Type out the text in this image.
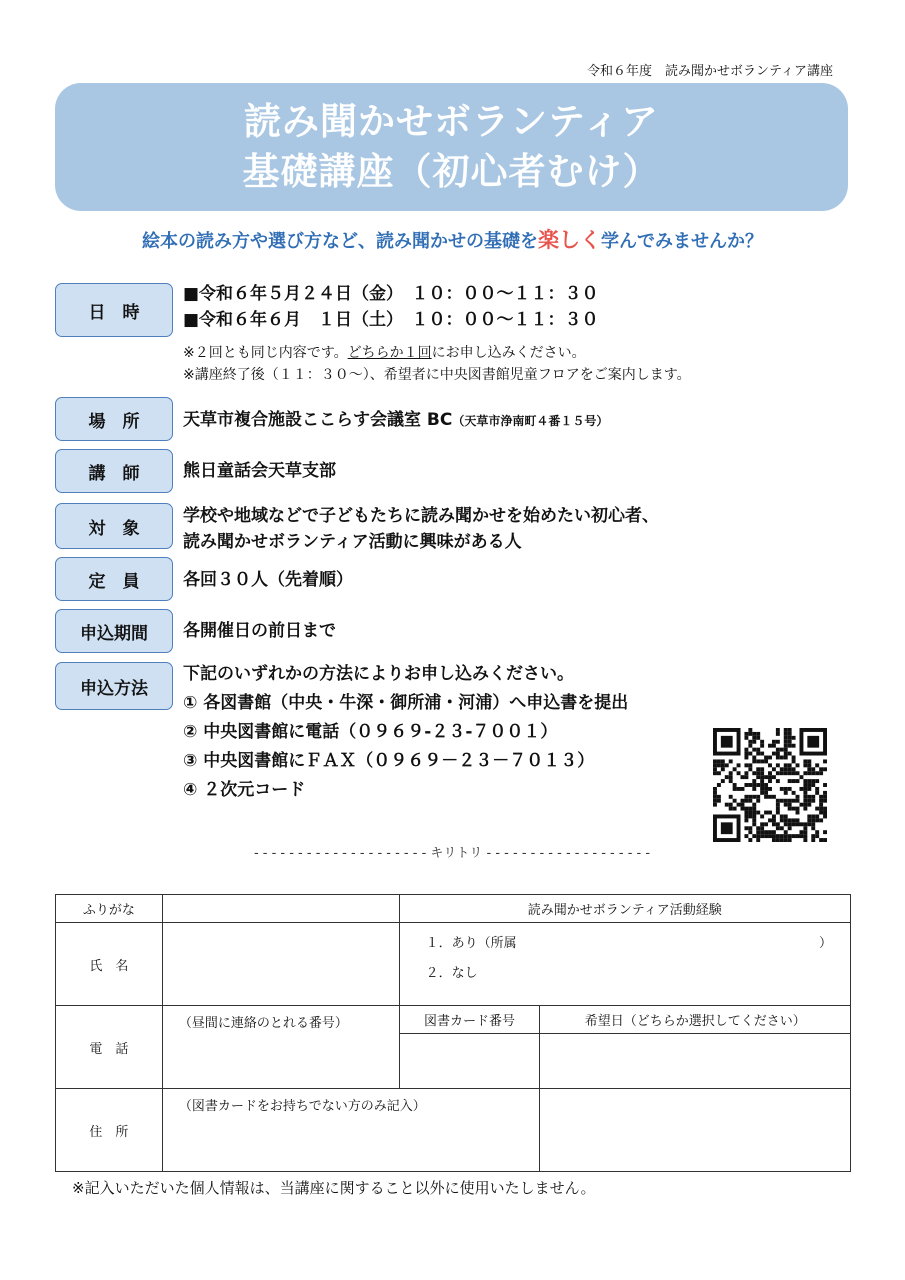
令和６年度　読み聞かせボランティア講座
読み聞かせボランティア
基礎講座（初心者むけ）
絵本の読み方や選び方など、読み聞かせの基礎を楽しく学んでみませんか？
日　時
■令和６年５月２４日（金）　１０：００～１１：３０
■令和６年６月　１日（土）　１０：００～１１：３０
※２回とも同じ内容です。どちらか１回にお申し込みください。
※講座終了後（１１：３０～）、希望者に中央図書館児童フロアをご案内します。
場　所	天草市複合施設ここらす会議室 BC（天草市浄南町４番１５号）
講　師	熊日童話会天草支部
対　象
学校や地域などで子どもたちに読み聞かせを始めたい初心者、
読み聞かせボランティア活動に興味がある人
定　員	各回３０人（先着順）
申込期間	各開催日の前日まで
申込方法
下記のいずれかの方法によりお申し込みください。
① 各図書館（中央・牛深・御所浦・河浦）へ申込書を提出
② 中央図書館に電話（０９６９-２３-７００１）
③ 中央図書館にＦＡＸ（０９６９－２３－７０１３）
④ ２次元コード
- - - - - - - - - - - - - - - - - - - - キリトリ - - - - - - - - - - - - - - - - - - -
ふりがな		読み聞かせボランティア活動経験	
氏　名		１．あり（所属 ）
２．なし	

電　話	（昼間に連絡のとれる番号）	図書カード番号	希望日（どちらか選択してください）

住　所	（図書カードをお持ちでない方のみ記入）		
※記入いただいた個人情報は、当講座に関すること以外に使用いたしません。
